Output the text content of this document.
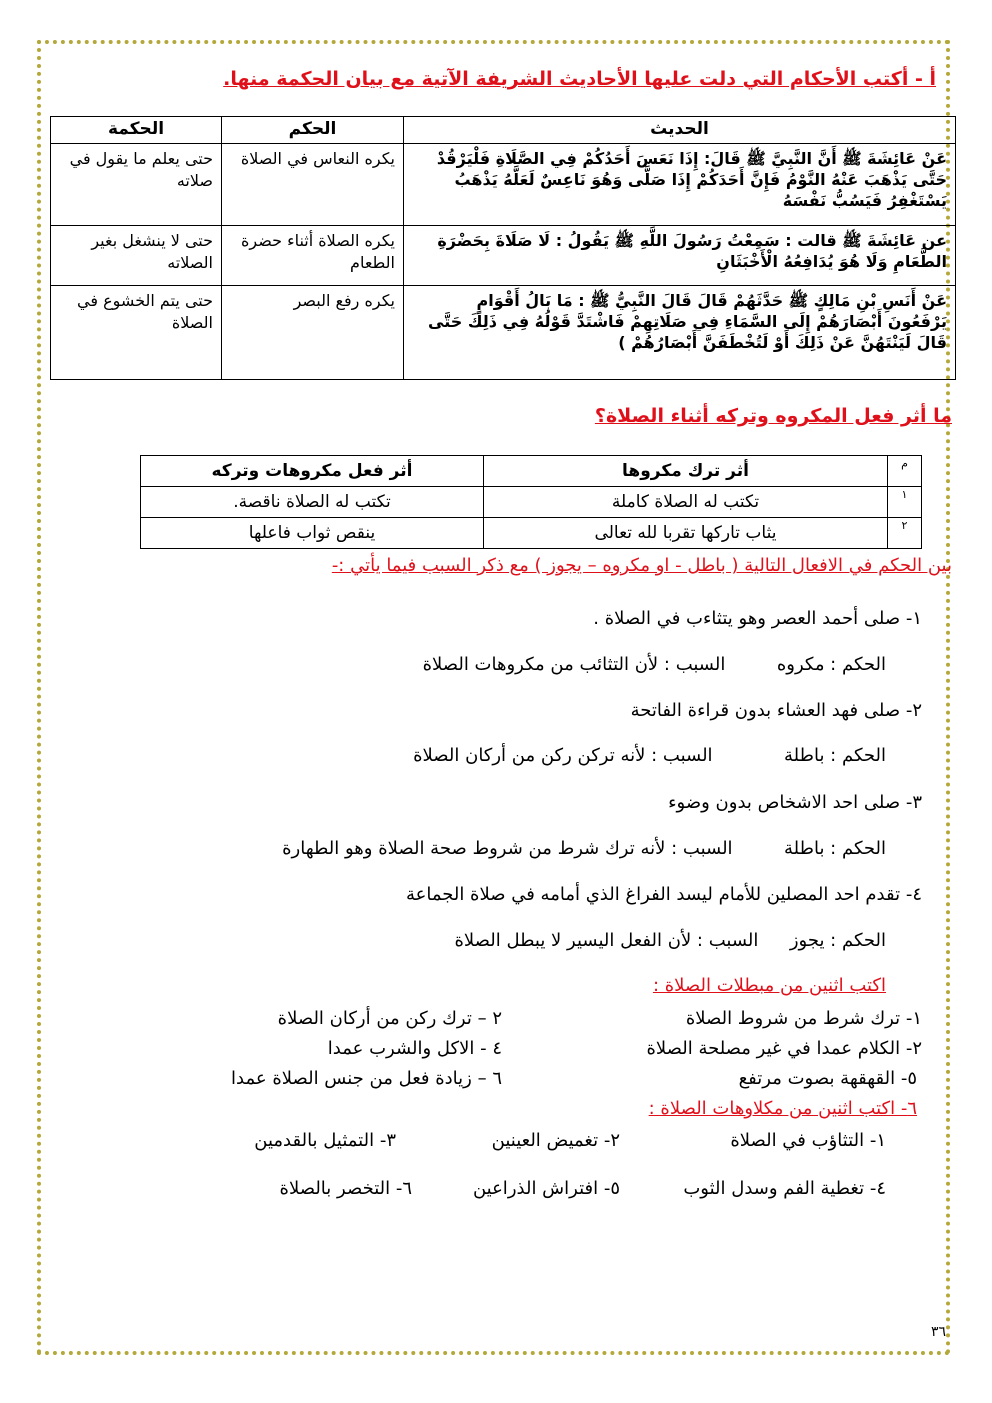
أ - أكتب الأحكام التي دلت عليها الأحاديث الشريفة الآتية مع بيان الحكمة منها.
الحديث	الحكم	الحكمة
عَنْ عَائِشَةَ ﷺ أَنَّ النَّبِيَّ ﷺ قَالَ: إِذَا نَعَسَ أَحَدُكُمْ فِي الصَّلَاةِ فَلْيَرْقُدْ حَتَّى يَذْهَبَ عَنْهُ النَّوْمُ فَإِنَّ أَحَدَكُمْ إِذَا صَلَّى وَهُوَ نَاعِسٌ لَعَلَّهُ يَذْهَبُ يَسْتَغْفِرُ فَيَسُبُّ نَفْسَهُ	يكره النعاس في الصلاة	حتى يعلم ما يقول في صلاته
عن عَائِشَةَ ﷺ قالت : سَمِعْتُ رَسُولَ اللَّهِ ﷺ يَقُولُ : لَا صَلَاةَ بِحَضْرَةِ الطَّعَامِ وَلَا هُوَ يُدَافِعُهُ الْأَخْبَثَانِ	يكره الصلاة أثناء حضرة الطعام	حتى لا ينشغل بغير الصلاته
عَنْ أَنَسِ بْنِ مَالِكٍ ﷺ حَدَّثَهُمْ قَالَ قَالَ النَّبِيُّ ﷺ : مَا بَالُ أَقْوَامٍ يَرْفَعُونَ أَبْصَارَهُمْ إِلَى السَّمَاءِ فِي صَلَاتِهِمْ فَاشْتَدَّ قَوْلُهُ فِي ذَلِكَ حَتَّى قَالَ لَيَنْتَهُنَّ عَنْ ذَلِكَ أَوْ لَتُخْطَفَنَّ أَبْصَارُهُمْ )	يكره رفع البصر	حتى يتم الخشوع في الصلاة
ما أثر فعل المكروه وتركه أثناء الصلاة؟
م	أثر ترك مكروها	أثر فعل مكروهات وتركه
١	تكتب له الصلاة كاملة	تكتب له الصلاة ناقصة.
٢	يثاب تاركها تقربا لله تعالى	ينقص ثواب فاعلها
بين الحكم في الافعال التالية ( باطل - او مكروه – يجوز ) مع ذكر السبب فيما يأتي :-
١- صلى أحمد العصر وهو يتثاءب في الصلاة .
الحكم : مكروه  السبب : لأن التثائب من مكروهات الصلاة
٢- صلى فهد العشاء بدون قراءة الفاتحة
الحكم : باطلة  السبب : لأنه تركن ركن من أركان الصلاة
٣- صلى احد الاشخاص بدون وضوء
الحكم : باطلة  السبب : لأنه ترك شرط من شروط صحة الصلاة وهو الطهارة
٤- تقدم احد المصلين للأمام ليسد الفراغ الذي أمامه في صلاة الجماعة
الحكم : يجوز  السبب : لأن الفعل اليسير لا يبطل الصلاة
اكتب اثنين من مبطلات الصلاة :
١- ترك شرط من شروط الصلاة
٢ – ترك ركن من أركان الصلاة
٢- الكلام عمدا في غير مصلحة الصلاة
٤ - الاكل والشرب عمدا
٥- القهقهة بصوت مرتفع
٦ – زيادة فعل من جنس الصلاة عمدا
٦- اكتب اثنين من مكلاوهات الصلاة :
١- التثاؤب في الصلاة
٢- تغميض العينين
٣- التمثيل بالقدمين
٤- تغطية الفم وسدل الثوب
٥- افتراش الذراعين
٦- التخصر بالصلاة
٣٦
